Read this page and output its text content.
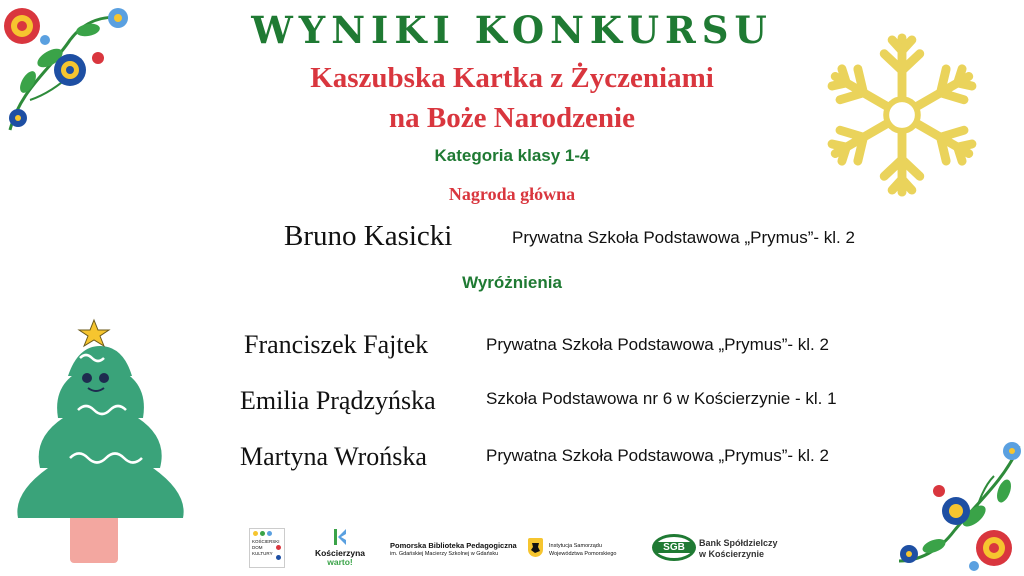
WYNIKI KONKURSU
Kaszubska Kartka z Życzeniami
na Boże Narodzenie
Kategoria klasy 1-4
Nagroda główna
Bruno Kasicki	Prywatna Szkoła Podstawowa „Prymus”- kl. 2
Wyróżnienia
Franciszek Fajtek	Prywatna Szkoła Podstawowa „Prymus”- kl. 2
Emilia Prądzyńska	Szkoła Podstawowa nr 6 w Kościerzynie - kl. 1
Martyna Wrońska	Prywatna Szkoła Podstawowa „Prymus”- kl. 2
KOŚCIERSKI
DOM
KULTURY	Kościerzyna
warto!
Pomorska Biblioteka Pedagogiczna
im. Gdańskiej Macierzy Szkolnej w Gdańsku
Instytucja Samorządu
Województwa Pomorskiego
SGB	Bank Spółdzielczy
w Kościerzynie
